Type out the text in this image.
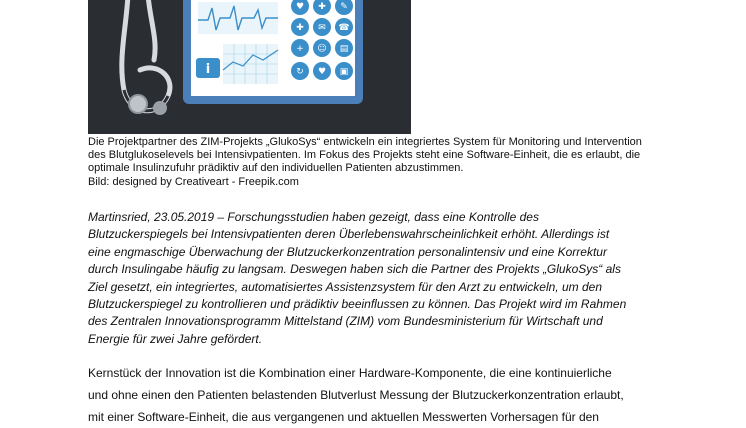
i
♥ ✚ ✎
✚ ✉ ☎
+ ☺ ▤
↻ ♥ ▣

Die Projektpartner des ZIM-Projekts „GlukoSys“ entwickeln ein integriertes System für Monitoring und Intervention

des Blutglukoselevels bei Intensivpatienten. Im Fokus des Projekts steht eine Software-Einheit, die es erlaubt, die

optimale Insulinzufuhr prädiktiv auf den individuellen Patienten abzustimmen.

Bild: designed by Creativeart - Freepik.com

Martinsried, 23.05.2019 – Forschungsstudien haben gezeigt, dass eine Kontrolle des
Blutzuckerspiegels bei Intensivpatienten deren Überlebenswahrscheinlichkeit erhöht. Allerdings ist
eine engmaschige Überwachung der Blutzuckerkonzentration personalintensiv und eine Korrektur
durch Insulingabe häufig zu langsam. Deswegen haben sich die Partner des Projekts „GlukoSys“ als
Ziel gesetzt, ein integriertes, automatisiertes Assistenzsystem für den Arzt zu entwickeln, um den
Blutzuckerspiegel zu kontrollieren und prädiktiv beeinflussen zu können. Das Projekt wird im Rahmen
des Zentralen Innovationsprogramm Mittelstand (ZIM) vom Bundesministerium für Wirtschaft und
Energie für zwei Jahre gefördert.
Kernstück der Innovation ist die Kombination einer Hardware-Komponente, die eine kontinuierliche
und ohne einen den Patienten belastenden Blutverlust Messung der Blutzuckerkonzentration erlaubt,
mit einer Software-Einheit, die aus vergangenen und aktuellen Messwerten Vorhersagen für den
